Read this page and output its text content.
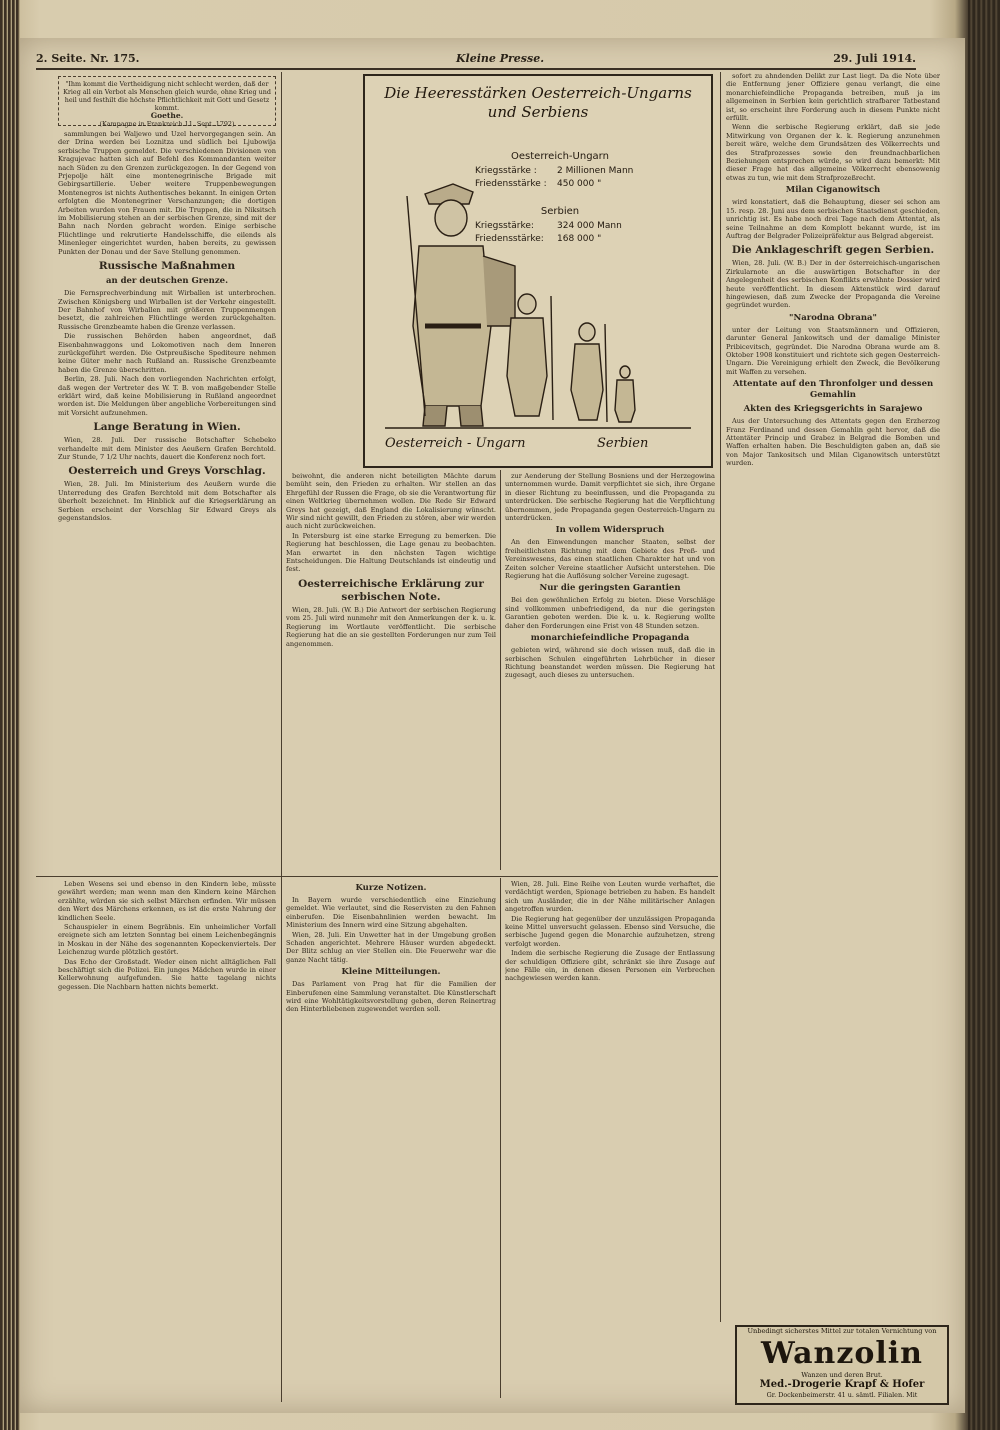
2. Seite. Nr. 175.	Kleine Presse.	29. Juli 1914.
"Ihm kommt die Vertheidigung nicht schlecht werden, daß der
Krieg all ein Verbot als Menschen gleich wurde, ohne Krieg und
heil und festhilt die höchste Pflichtlichkeit mit Gott und Gesetz kommt.
Goethe.
(Kampagne in Frankreich 11. Sept. 1792)

sammlungen bei Waljewo und Uzel hervorgegangen sein. An der Drina werden bei Loznitza und südlich bei Ljubowija serbische Truppen gemeldet. Die verschiedenen Divisionen von Kragujevac hatten sich auf Befehl des Kommandanten weiter nach Süden zu den Grenzen zurückgezogen. In der Gegend von Prjepolje hält eine montenegrinische Brigade mit Gebirgsartillerie. Ueber weitere Truppenbewegungen Montenegros ist nichts Authentisches bekannt. In einigen Orten erfolgten die Montenegriner Verschanzungen; die dortigen Arbeiten wurden von Frauen mit. Die Truppen, die in Niksitsch im Mobilisierung stehen an der serbischen Grenze, sind mit der Bahn nach Norden gebracht worden. Einige serbische Flüchtlinge und rekrutierte Handelsschiffe, die eilends als Minenleger eingerichtet wurden, haben bereits, zu gewissen Punkten der Donau und der Save Stellung genommen.

Russische Maßnahmen
an der deutschen Grenze.

Die Fernsprechverbindung mit Wirballen ist unterbrochen. Zwischen Königsberg und Wirballen ist der Verkehr eingestellt. Der Bahnhof von Wirballen mit größeren Truppenmengen besetzt, die zahlreichen Flüchtlinge werden zurückgehalten. Russische Grenzbeamte haben die Grenze verlassen.

Die russischen Behörden haben angeordnet, daß Eisenbahnwaggons und Lokomotiven nach dem Inneren zurückgeführt werden. Die Ostpreußische Spediteure nehmen keine Güter mehr nach Rußland an. Russische Grenzbeamte haben die Grenze überschritten.

Berlin, 28. Juli. Nach den vorliegenden Nachrichten erfolgt, daß wegen der Vertreter des W. T. B. von maßgebender Stelle erklärt wird, daß keine Mobilisierung in Rußland angeordnet worden ist. Die Meldungen über angebliche Vorbereitungen sind mit Vorsicht aufzunehmen.

Lange Beratung in Wien.

Wien, 28. Juli. Der russische Botschafter Schebeko verhandelte mit dem Minister des Aeußern Grafen Berchtold. Zur Stunde, 7 1/2 Uhr nachts, dauert die Konferenz noch fort.

Oesterreich und Greys Vorschlag.

Wien, 28. Juli. Im Ministerium des Aeußern wurde die Unterredung des Grafen Berchtold mit dem Botschafter als überholt bezeichnet. Im Hinblick auf die Kriegserklärung an Serbien erscheint der Vorschlag Sir Edward Greys als gegenstandslos.

Die Heeresstärken Oesterreich-Ungarns
und Serbiens
Oesterreich-Ungarn
Kriegsstärke : 2 Millionen Mann
Friedensstärke : 450 000 "
Serbien
Kriegsstärke:	324 000 Mann
Friedensstärke: 168 000 "
Oesterreich - Ungarn	Serbien

beiwohnt, die anderen nicht beteiligten Mächte darum bemüht sein, den Frieden zu erhalten. Wir stellen an das Ehrgefühl der Russen die Frage, ob sie die Verantwortung für einen Weltkrieg übernehmen wollen. Die Rede Sir Edward Greys hat gezeigt, daß England die Lokalisierung wünscht. Wir sind nicht gewillt, den Frieden zu stören, aber wir werden auch nicht zurückweichen.

In Petersburg ist eine starke Erregung zu bemerken. Die Regierung hat beschlossen, die Lage genau zu beobachten. Man erwartet in den nächsten Tagen wichtige Entscheidungen. Die Haltung Deutschlands ist eindeutig und fest.

Oesterreichische Erklärung zur serbischen Note.

Wien, 28. Juli. (W. B.) Die Antwort der serbischen Regierung vom 25. Juli wird nunmehr mit den Anmerkungen der k. u. k. Regierung im Wortlaute veröffentlicht. Die serbische Regierung hat die an sie gestellten Forderungen nur zum Teil angenommen.

zur Aenderung der Stellung Bosniens und der Herzegowina unternommen wurde. Damit verpflichtet sie sich, ihre Organe in dieser Richtung zu beeinflussen, und die Propaganda zu unterdrücken. Die serbische Regierung hat die Verpflichtung übernommen, jede Propaganda gegen Oesterreich-Ungarn zu unterdrücken.

In vollem Widerspruch

An den Einwendungen mancher Staaten, selbst der freiheitlichsten Richtung mit dem Gebiete des Preß- und Vereinswesens, das einen staatlichen Charakter hat und von Zeiten solcher Vereine staatlicher Aufsicht unterstehen. Die Regierung hat die Auflösung solcher Vereine zugesagt.

Nur die geringsten Garantien

Bei den gewöhnlichen Erfolg zu bieten. Diese Vorschläge sind vollkommen unbefriedigend, da nur die geringsten Garantien geboten werden. Die k. u. k. Regierung wollte daher den Forderungen eine Frist von 48 Stunden setzen.

monarchiefeindliche Propaganda

gebieten wird, während sie doch wissen muß, daß die in serbischen Schulen eingeführten Lehrbücher in dieser Richtung beanstandet werden müssen. Die Regierung hat zugesagt, auch dieses zu untersuchen.

sofort zu ahndenden Delikt zur Last liegt. Da die Note über die Entfernung jener Offiziere genau verlangt, die eine monarchiefeindliche Propaganda betreiben, muß ja im allgemeinen in Serbien kein gerichtlich strafbarer Tatbestand ist, so erscheint ihre Forderung auch in diesem Punkte nicht erfüllt.

Wenn die serbische Regierung erklärt, daß sie jede Mitwirkung von Organen der k. k. Regierung anzunehmen bereit wäre, welche dem Grundsätzen des Völkerrechts und des Strafprozesses sowie den freundnachbarlichen Beziehungen entsprechen würde, so wird dazu bemerkt: Mit dieser Frage hat das allgemeine Völkerrecht ebensowenig etwas zu tun, wie mit dem Strafprozeßrecht.

Milan Ciganowitsch

wird konstatiert, daß die Behauptung, dieser sei schon am 15. resp. 28. Juni aus dem serbischen Staatsdienst geschieden, unrichtig ist. Es habe noch drei Tage nach dem Attentat, als seine Teilnahme an dem Komplott bekannt wurde, ist im Auftrag der Belgrader Polizeipräfektur aus Belgrad abgereist.

Die Anklageschrift gegen Serbien.

Wien, 28. Juli. (W. B.) Der in der österreichisch-ungarischen Zirkularnote an die auswärtigen Botschafter in der Angelegenheit des serbischen Konflikts erwähnte Dossier wird heute veröffentlicht. In diesem Aktenstück wird darauf hingewiesen, daß zum Zwecke der Propaganda die Vereine gegründet wurden.

"Narodna Obrana"

unter der Leitung von Staatsmännern und Offizieren, darunter General Jankowitsch und der damalige Minister Pribicevitsch, gegründet. Die Narodna Obrana wurde am 8. Oktober 1908 konstituiert und richtete sich gegen Oesterreich-Ungarn. Die Vereinigung erhielt den Zweck, die Bevölkerung mit Waffen zu versehen.

Attentate auf den Thronfolger und dessen Gemahlin
Akten des Kriegsgerichts in Sarajewo

Aus der Untersuchung des Attentats gegen den Erzherzog Franz Ferdinand und dessen Gemahlin geht hervor, daß die Attentäter Princip und Grabez in Belgrad die Bomben und Waffen erhalten haben. Die Beschuldigten gaben an, daß sie von Major Tankositsch und Milan Ciganowitsch unterstützt wurden.

Leben Wesens sei und ebenso in den Kindern lebe, müsste gewährt werden; man wenn man den Kindern keine Märchen erzählte, würden sie sich selbst Märchen erfinden. Wir müssen den Wert des Märchens erkennen, es ist die erste Nahrung der kindlichen Seele.

Schauspieler in einem Begräbnis. Ein unheimlicher Vorfall ereignete sich am letzten Sonntag bei einem Leichenbegängnis in Moskau in der Nähe des sogenannten Kopeckenviertels. Der Leichenzug wurde plötzlich gestört.

Das Echo der Großstadt. Weder einen nicht alltäglichen Fall beschäftigt sich die Polizei. Ein junges Mädchen wurde in einer Kellerwohnung aufgefunden. Sie hatte tagelang nichts gegessen. Die Nachbarn hatten nichts bemerkt.

Kurze Notizen.

In Bayern wurde verschiedentlich eine Einziehung gemeldet. Wie verlautet, sind die Reservisten zu den Fahnen einberufen. Die Eisenbahnlinien werden bewacht. Im Ministerium des Innern wird eine Sitzung abgehalten.

Wien, 28. Juli. Ein Unwetter hat in der Umgebung großen Schaden angerichtet. Mehrere Häuser wurden abgedeckt. Der Blitz schlug an vier Stellen ein. Die Feuerwehr war die ganze Nacht tätig.

Kleine Mitteilungen.

Das Parlament von Prag hat für die Familien der Einberufenen eine Sammlung veranstaltet. Die Künstlerschaft wird eine Wohltätigkeitsvorstellung geben, deren Reinertrag den Hinterbliebenen zugewendet werden soll.

Wien, 28. Juli. Eine Reihe von Leuten wurde verhaftet, die verdächtigt werden, Spionage betrieben zu haben. Es handelt sich um Ausländer, die in der Nähe militärischer Anlagen angetroffen wurden.

Die Regierung hat gegenüber der unzulässigen Propaganda keine Mittel unversucht gelassen. Ebenso sind Versuche, die serbische Jugend gegen die Monarchie aufzuhetzen, streng verfolgt worden.

Indem die serbische Regierung die Zusage der Entlassung der schuldigen Offiziere gibt, schränkt sie ihre Zusage auf jene Fälle ein, in denen diesen Personen ein Verbrechen nachgewiesen werden kann.

Unbedingt sicherstes Mittel zur totalen Vernichtung von
Wanzolin
Wanzen und deren Brut.
Med.-Drogerie Krapf & Hofer
Gr. Dockenbeimerstr. 41 u. sämtl. Filialen. Mit
